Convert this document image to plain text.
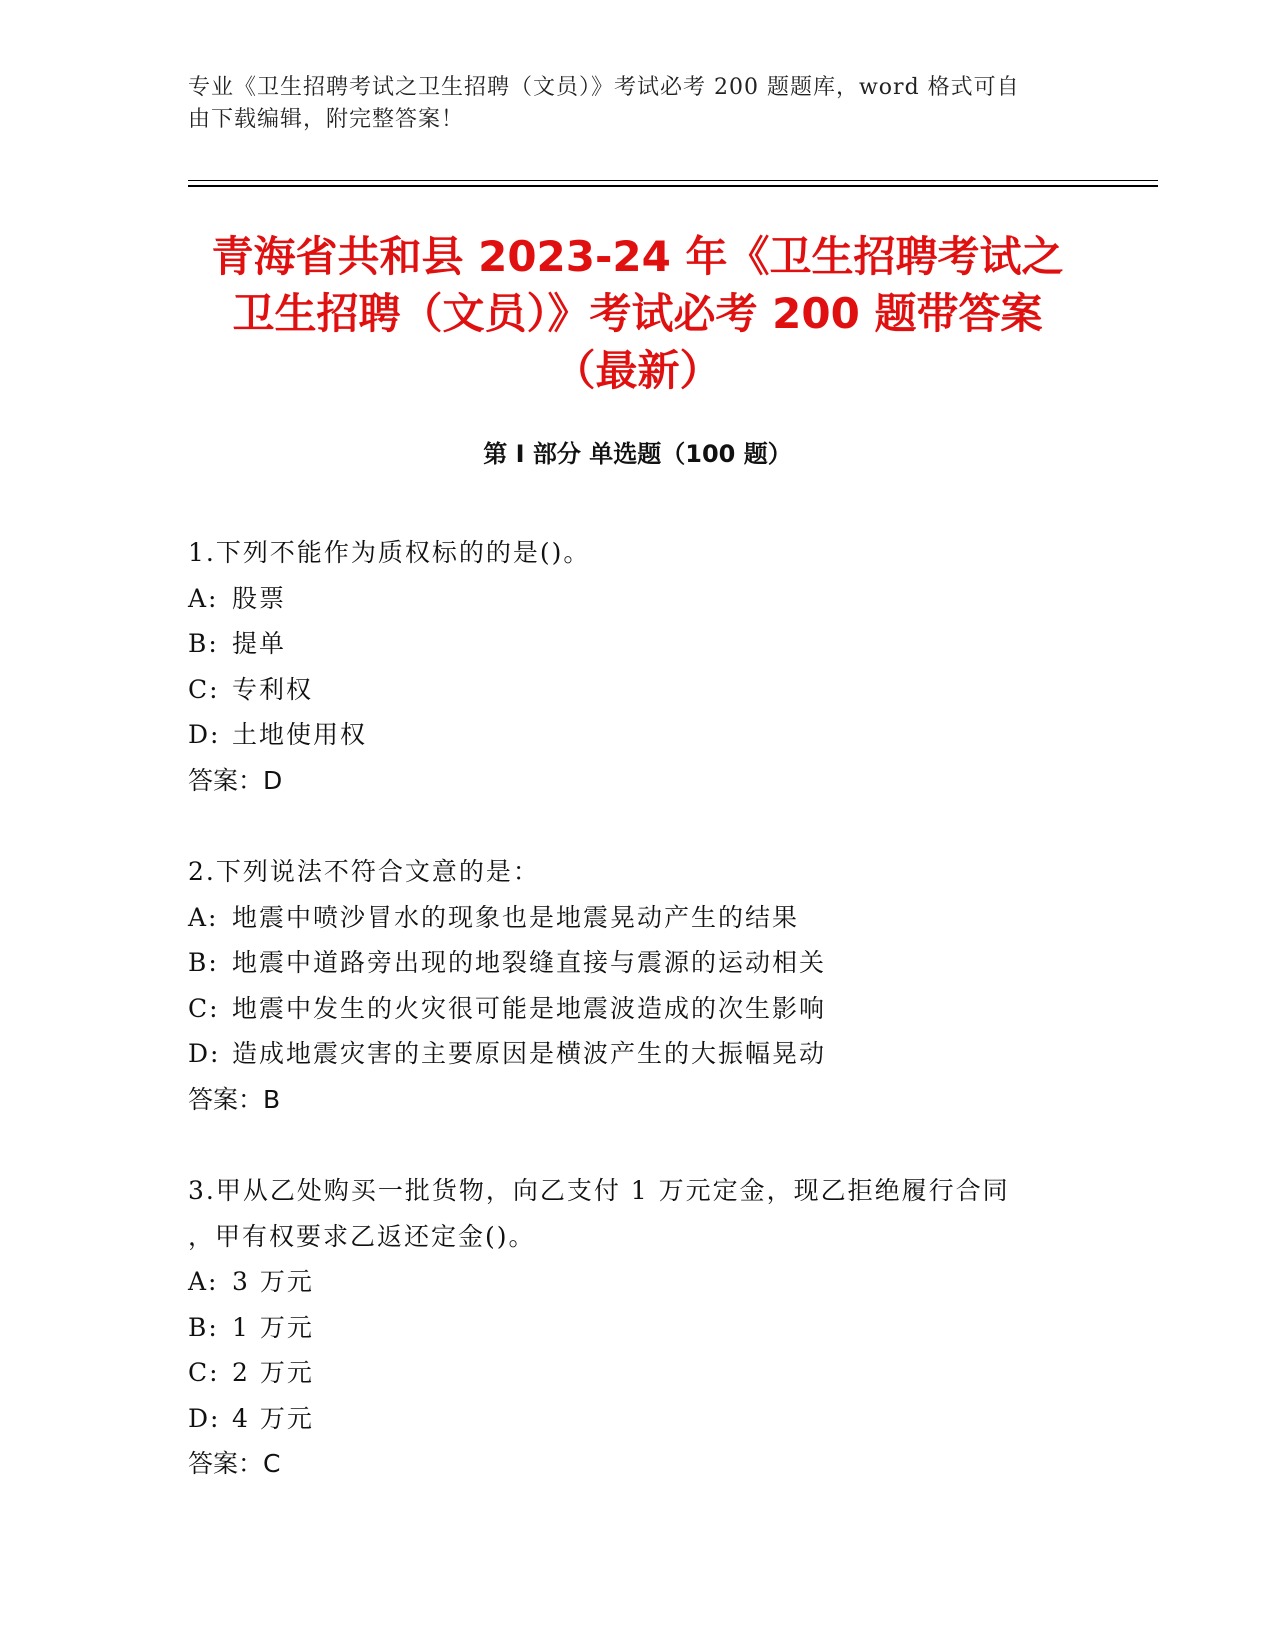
专业《卫生招聘考试之卫生招聘（文员）》考试必考 200 题题库，word 格式可自
由下载编辑，附完整答案！
青海省共和县 2023-24 年《卫生招聘考试之
卫生招聘（文员）》考试必考 200 题带答案
（最新）
第 I 部分 单选题（100 题）
1.下列不能作为质权标的的是()。
A: 股票
B: 提单
C: 专利权
D: 土地使用权
答案：D
2.下列说法不符合文意的是：
A: 地震中喷沙冒水的现象也是地震晃动产生的结果
B: 地震中道路旁出现的地裂缝直接与震源的运动相关
C: 地震中发生的火灾很可能是地震波造成的次生影响
D: 造成地震灾害的主要原因是横波产生的大振幅晃动
答案：B
3.甲从乙处购买一批货物，向乙支付 1 万元定金，现乙拒绝履行合同
，甲有权要求乙返还定金()。
A: 3 万元
B: 1 万元
C: 2 万元
D: 4 万元
答案：C
